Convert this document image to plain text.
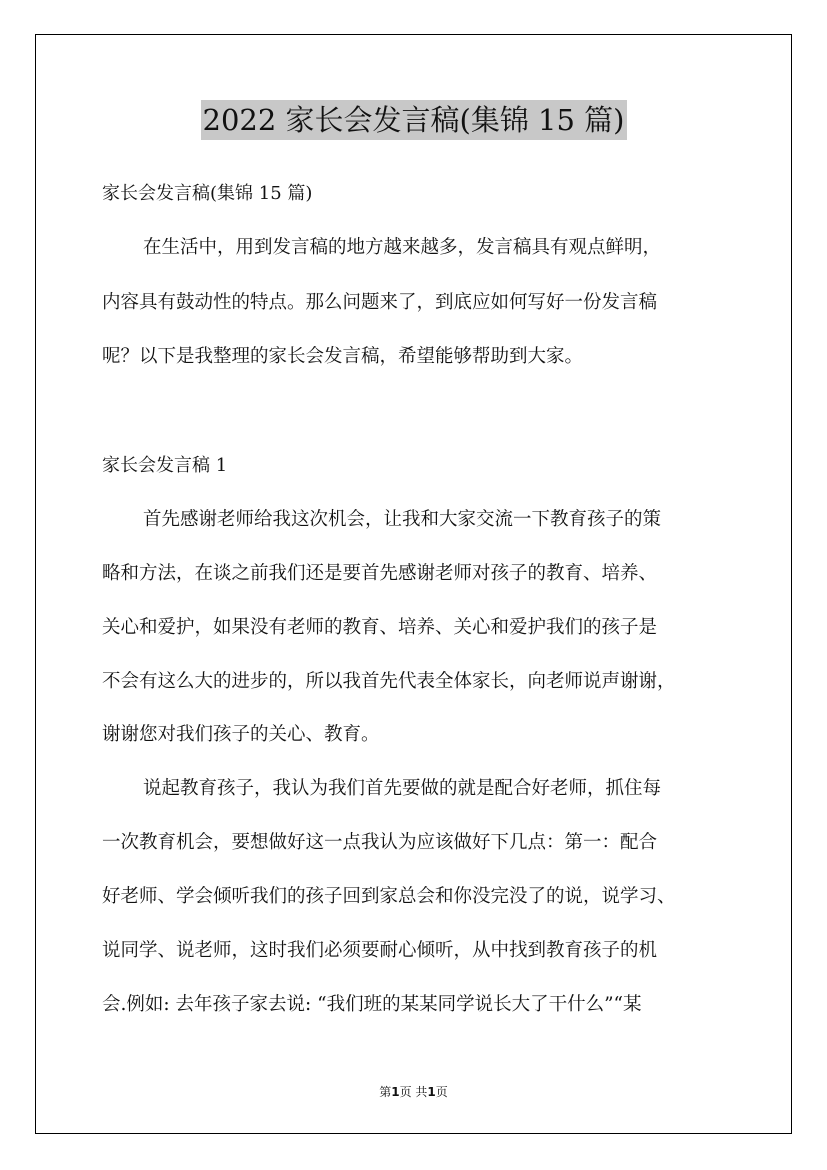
2022 家长会发言稿(集锦 15 篇)
家长会发言稿(集锦 15 篇)
在生活中，用到发言稿的地方越来越多，发言稿具有观点鲜明，
内容具有鼓动性的特点。那么问题来了，到底应如何写好一份发言稿
呢？以下是我整理的家长会发言稿，希望能够帮助到大家。
家长会发言稿 1
首先感谢老师给我这次机会，让我和大家交流一下教育孩子的策
略和方法，在谈之前我们还是要首先感谢老师对孩子的教育、培养、
关心和爱护，如果没有老师的教育、培养、关心和爱护我们的孩子是
不会有这么大的进步的，所以我首先代表全体家长，向老师说声谢谢，
谢谢您对我们孩子的关心、教育。
说起教育孩子，我认为我们首先要做的就是配合好老师，抓住每
一次教育机会，要想做好这一点我认为应该做好下几点：第一：配合
好老师、学会倾听我们的孩子回到家总会和你没完没了的说，说学习、
说同学、说老师，这时我们必须要耐心倾听，从中找到教育孩子的机
会.例如: 去年孩子家去说: “我们班的某某同学说长大了干什么”“某
第1页 共1页
